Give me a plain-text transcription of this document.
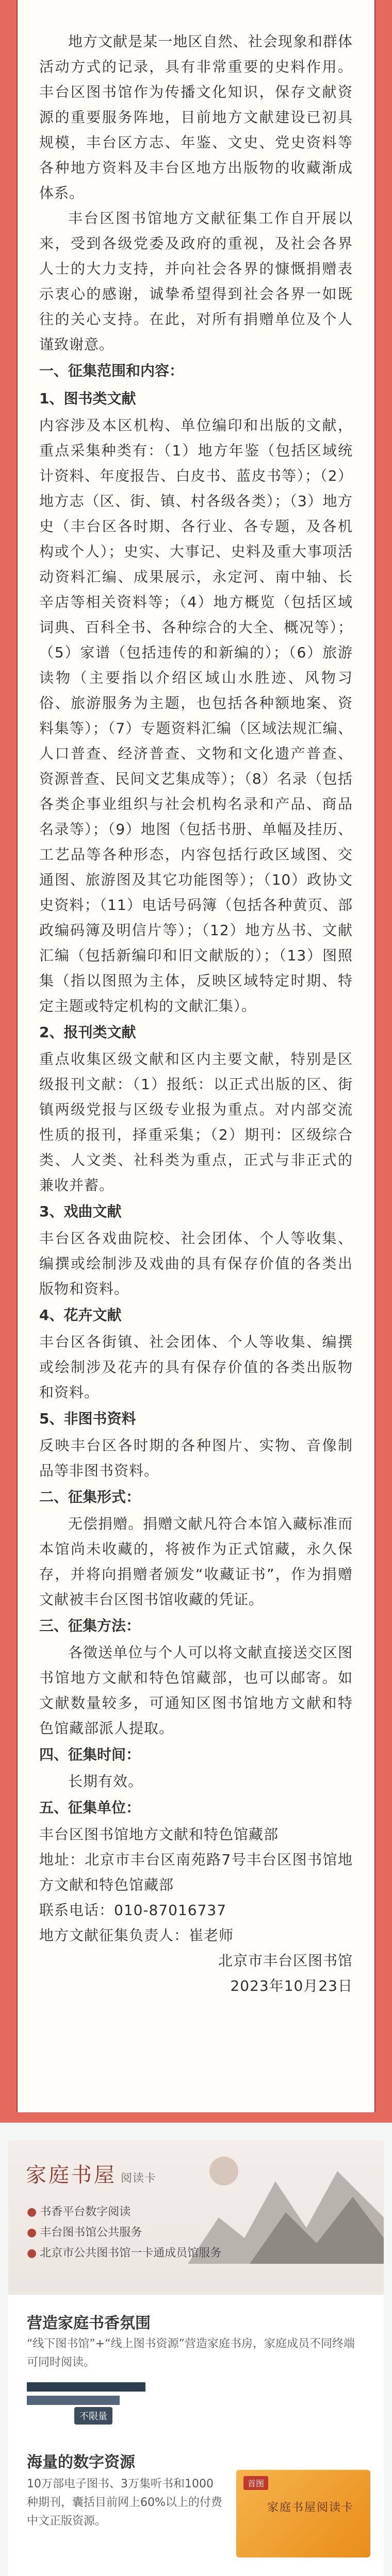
地方文献是某一地区自然、社会现象和群体活动方式的记录，具有非常重要的史料作用。丰台区图书馆作为传播文化知识，保存文献资源的重要服务阵地，目前地方文献建设已初具规模，丰台区方志、年鉴、文史、党史资料等各种地方资料及丰台区地方出版物的收藏渐成体系。

丰台区图书馆地方文献征集工作自开展以来，受到各级党委及政府的重视，及社会各界人士的大力支持，并向社会各界的慷慨捐赠表示衷心的感谢，诚挚希望得到社会各界一如既往的关心支持。在此，对所有捐赠单位及个人谨致谢意。

一、征集范围和内容：

1、图书类文献

内容涉及本区机构、单位编印和出版的文献，重点采集种类有：（1）地方年鉴（包括区域统计资料、年度报告、白皮书、蓝皮书等）；（2）地方志（区、街、镇、村各级各类）；（3）地方史（丰台区各时期、各行业、各专题，及各机构或个人）；史实、大事记、史料及重大事项活动资料汇编、成果展示，永定河、南中轴、长辛店等相关资料等；（4）地方概览（包括区域词典、百科全书、各种综合的大全、概况等）；（5）家谱（包括违传的和新编的）；（6）旅游读物（主要指以介绍区域山水胜迹、风物习俗、旅游服务为主题，也包括各种额地案、资料集等）；（7）专题资料汇编（区域法规汇编、人口普查、经济普查、文物和文化遗产普查、资源普查、民间文艺集成等）；（8）名录（包括各类企事业组织与社会机构名录和产品、商品名录等）；（9）地图（包括书册、单幅及挂历、工艺品等各种形态，内容包括行政区域图、交通图、旅游图及其它功能图等）；（10）政协文史资料；（11）电话号码簿（包括各种黄页、部政编码簿及明信片等）；（12）地方丛书、文献汇编（包括新编印和旧文献版的）；（13）图照集（指以图照为主体，反映区域特定时期、特定主题或特定机构的文献汇集）。

2、报刊类文献

重点收集区级文献和区内主要文献，特别是区级报刊文献：（1）报纸：以正式出版的区、街镇两级党报与区级专业报为重点。对内部交流性质的报刊，择重采集；（2）期刊：区级综合类、人文类、社科类为重点，正式与非正式的兼收并蓄。

3、戏曲文献

丰台区各戏曲院校、社会团体、个人等收集、编撰或绘制涉及戏曲的具有保存价值的各类出版物和资料。

4、花卉文献

丰台区各街镇、社会团体、个人等收集、编撰或绘制涉及花卉的具有保存价值的各类出版物和资料。

5、非图书资料

反映丰台区各时期的各种图片、实物、音像制品等非图书资料。

二、征集形式：

无偿捐赠。捐赠文献凡符合本馆入藏标准而本馆尚未收藏的，将被作为正式馆藏，永久保存，并将向捐赠者颁发“收藏证书”，作为捐赠文献被丰台区图书馆收藏的凭证。

三、征集方法：

各徵送单位与个人可以将文献直接送交区图书馆地方文献和特色馆藏部，也可以邮寄。如文献数量较多，可通知区图书馆地方文献和特色馆藏部派人提取。

四、征集时间：

长期有效。

五、征集单位：

丰台区图书馆地方文献和特色馆藏部

地址：北京市丰台区南苑路7号丰台区图书馆地方文献和特色馆藏部

联系电话：010-87016737

地方文献征集负责人：崔老师

北京市丰台区图书馆

2023年10月23日

家庭书屋 阅读卡
● 书香平台数字阅读
● 丰台图书馆公共服务
● 北京市公共图书馆一卡通成员馆服务
营造家庭书香氛围
“线下图书馆”+“线上图书资源”营造家庭书房，家庭成员不同终端可同时阅读。
不限量
海量的数字资源
10万部电子图书、3万集听书和1000种期刊，囊括目前网上60%以上的付费中文正版资源。
首图
家庭书屋阅读卡
